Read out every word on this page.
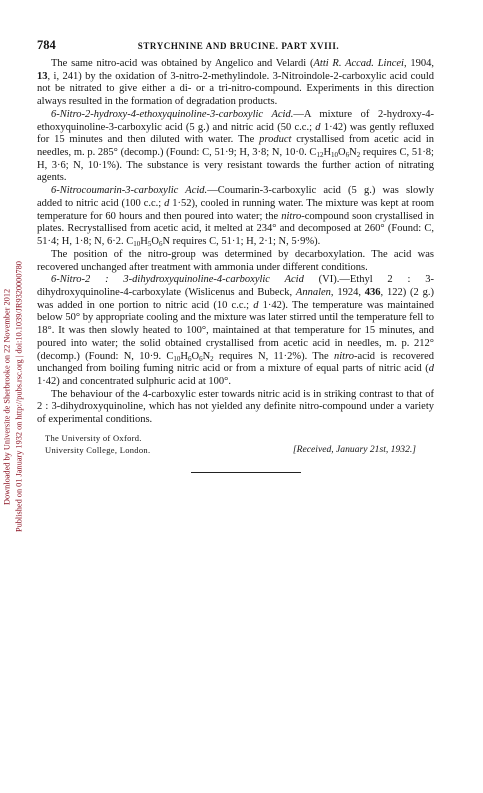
Downloaded by Universite de Sherbrooke on 22 November 2012 Published on 01 January 1932 on http://pubs.rsc.org | doi:10.1039/JR9320000780
784	STRYCHNINE AND BRUCINE. PART XVIII.

The same nitro-acid was obtained by Angelico and Velardi (Atti R. Accad. Lincei, 1904, 13, i, 241) by the oxidation of 3-nitro-2-methylindole. 3-Nitroindole-2-carboxylic acid could not be nitrated to give either a di- or a tri-nitro-compound. Experiments in this direction always resulted in the formation of degradation products.

6-Nitro-2-hydroxy-4-ethoxyquinoline-3-carboxylic Acid.—A mixture of 2-hydroxy-4-ethoxyquinoline-3-carboxylic acid (5 g.) and nitric acid (50 c.c.; d 1·42) was gently refluxed for 15 minutes and then diluted with water. The product crystallised from acetic acid in needles, m. p. 285° (decomp.) (Found: C, 51·9; H, 3·8; N, 10·0. $C_{12}H_{10}O_6N_2$ requires C, 51·8; H, 3·6; N, 10·1%). The substance is very resistant towards the further action of nitrating agents.

6-Nitrocoumarin-3-carboxylic Acid.—Coumarin-3-carboxylic acid (5 g.) was slowly added to nitric acid (100 c.c.; d 1·52), cooled in running water. The mixture was kept at room temperature for 60 hours and then poured into water; the nitro-compound soon crystallised in plates. Recrystallised from acetic acid, it melted at 234° and decomposed at 260° (Found: C, 51·4; H, 1·8; N, 6·2. $C_{10}H_5O_6N$ requires C, 51·1; H, 2·1; N, 5·9%).

The position of the nitro-group was determined by decarboxylation. The acid was recovered unchanged after treatment with ammonia under different conditions.

6-Nitro-2 : 3-dihydroxyquinoline-4-carboxylic Acid (VI).—Ethyl 2 : 3-dihydroxyquinoline-4-carboxylate (Wislicenus and Bubeck, Annalen, 1924, 436, 122) (2 g.) was added in one portion to nitric acid (10 c.c.; d 1·42). The temperature was maintained below 50° by appropriate cooling and the mixture was later stirred until the temperature fell to 18°. It was then slowly heated to 100°, maintained at that temperature for 15 minutes, and poured into water; the solid obtained crystallised from acetic acid in needles, m. p. 212° (decomp.) (Found: N, 10·9. $C_{10}H_6O_6N_2$ requires N, 11·2%). The nitro-acid is recovered unchanged from boiling fuming nitric acid or from a mixture of equal parts of nitric acid (d 1·42) and concentrated sulphuric acid at 100°.

The behaviour of the 4-carboxylic ester towards nitric acid is in striking contrast to that of 2 : 3-dihydroxyquinoline, which has not yielded any definite nitro-compound under a variety of experimental conditions.

The University of Oxford.
University College, London.	[Received, January 21st, 1932.]
